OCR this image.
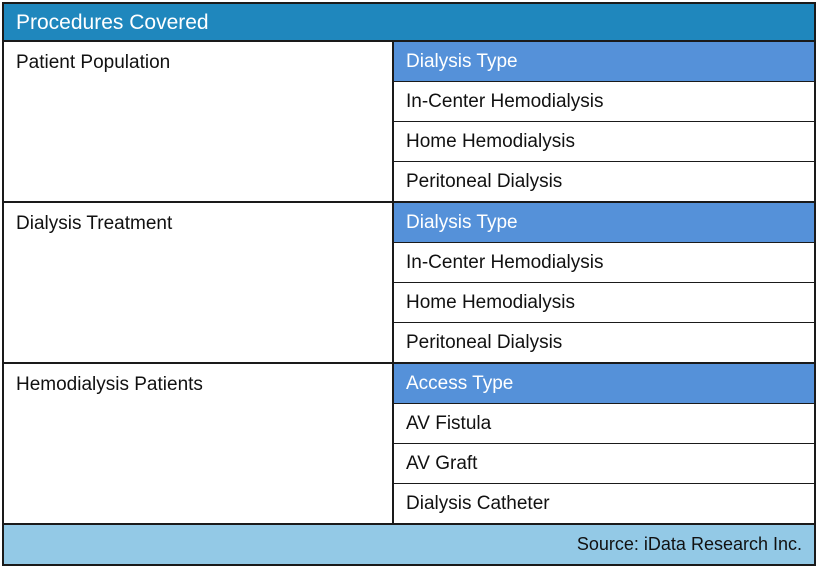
Procedures Covered
Patient Population	Dialysis Type
In-Center Hemodialysis
Home Hemodialysis
Peritoneal Dialysis
Dialysis Treatment	Dialysis Type
In-Center Hemodialysis
Home Hemodialysis
Peritoneal Dialysis
Hemodialysis Patients	Access Type
AV Fistula
AV Graft
Dialysis Catheter
Source: iData Research Inc.
